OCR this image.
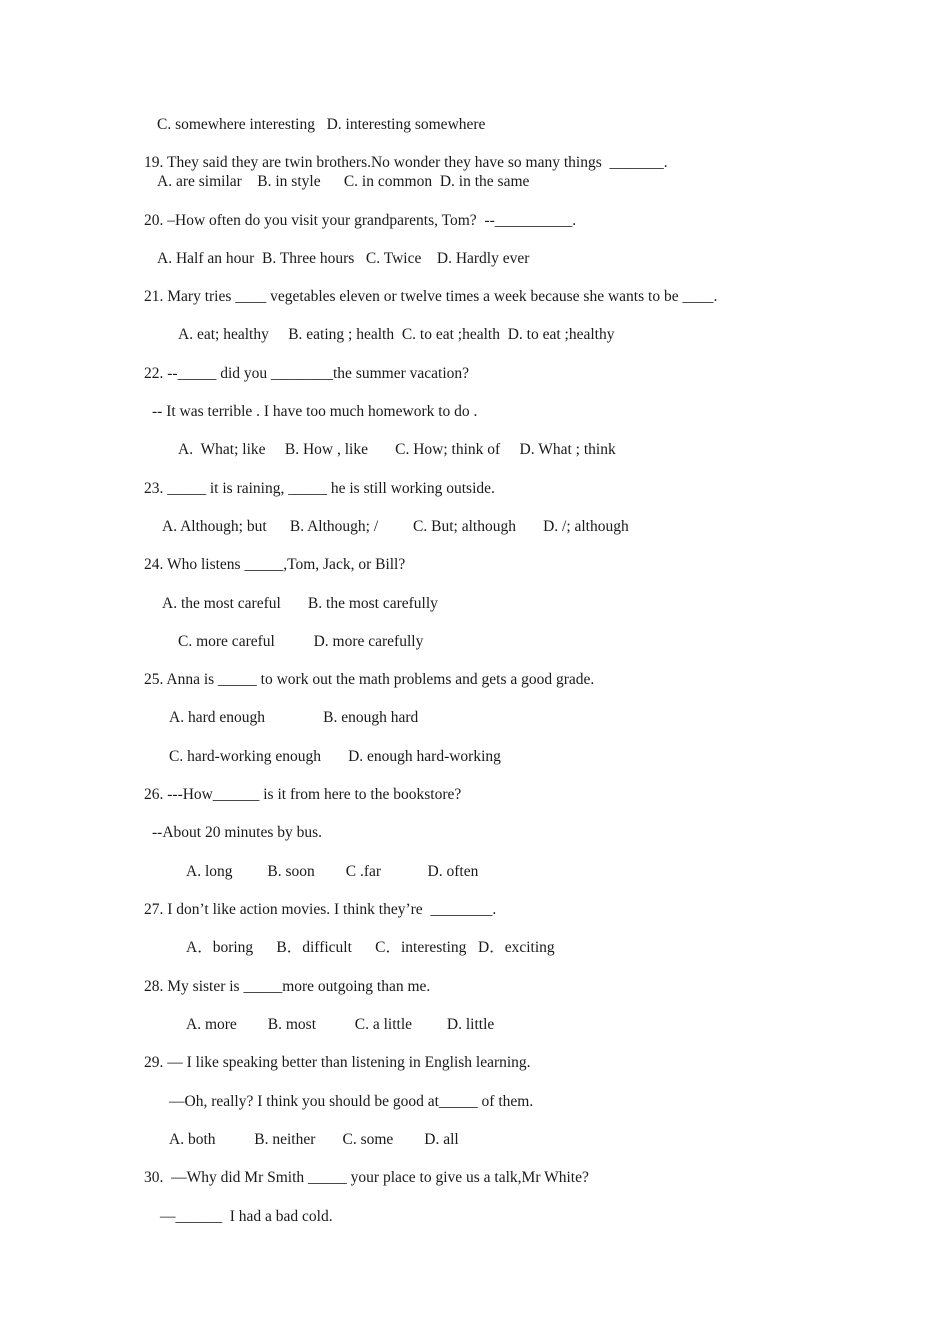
C. somewhere interesting   D. interesting somewhere

19. They said they are twin brothers.No wonder they have so many things  _______.

A. are similar    B. in style      C. in common  D. in the same

20. –How often do you visit your grandparents, Tom?  --__________.

A. Half an hour  B. Three hours   C. Twice    D. Hardly ever

21. Mary tries ____ vegetables eleven or twelve times a week because she wants to be ____.

A. eat; healthy     B. eating ; health  C. to eat ;health  D. to eat ;healthy

22. --_____ did you ________the summer vacation?

-- It was terrible . I have too much homework to do .

A.  What; like     B. How , like       C. How; think of     D. What ; think

23. _____ it is raining, _____ he is still working outside.

A. Although; but      B. Although; /         C. But; although       D. /; although

24. Who listens _____,Tom, Jack, or Bill?

A. the most careful       B. the most carefully

C. more careful          D. more carefully

25. Anna is _____ to work out the math problems and gets a good grade.

A. hard enough               B. enough hard

C. hard-working enough       D. enough hard-working

26. ---How______ is it from here to the bookstore?

--About 20 minutes by bus.

A. long         B. soon        C .far            D. often

27. I don’t like action movies. I think they’re  ________.

A．boring      B．difficult      C．interesting   D．exciting

28. My sister is _____more outgoing than me.

A. more        B. most          C. a little         D. little

29. — I like speaking better than listening in English learning.

—Oh, really? I think you should be good at_____ of them.

A. both          B. neither       C. some        D. all

30.  —Why did Mr Smith _____ your place to give us a talk,Mr White?

—______  I had a bad cold.
